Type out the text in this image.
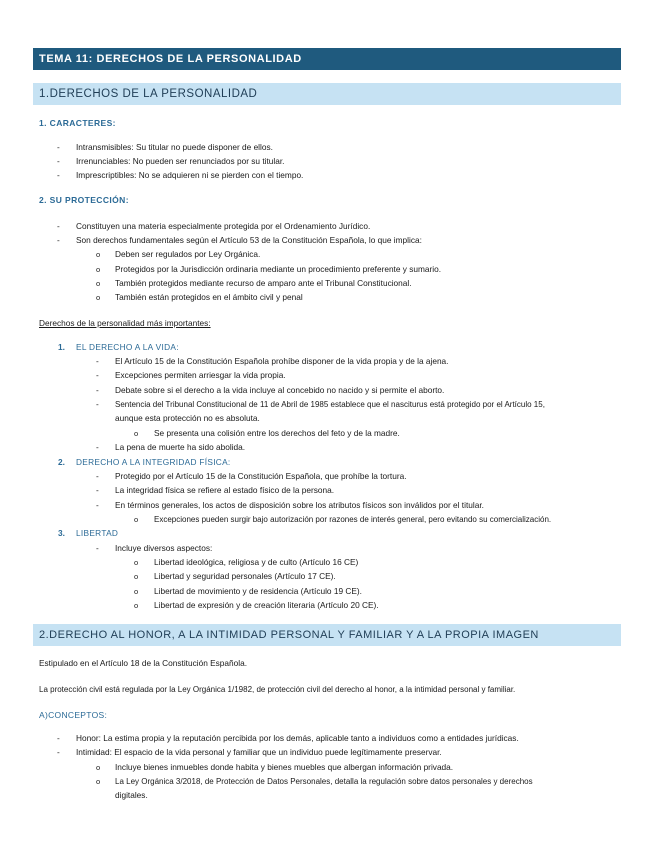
TEMA 11: DERECHOS DE LA PERSONALIDAD
1.DERECHOS DE LA PERSONALIDAD
1. CARACTERES:
- Intransmisibles: Su titular no puede disponer de ellos.
- Irrenunciables: No pueden ser renunciados por su titular.
- Imprescriptibles: No se adquieren ni se pierden con el tiempo.
2. SU PROTECCIÓN:
- Constituyen una materia especialmente protegida por el Ordenamiento Jurídico.
- Son derechos fundamentales según el Artículo 53 de la Constitución Española, lo que implica:
o Deben ser regulados por Ley Orgánica.
o Protegidos por la Jurisdicción ordinaria mediante un procedimiento preferente y sumario.
o También protegidos mediante recurso de amparo ante el Tribunal Constitucional.
o También están protegidos en el ámbito civil y penal
Derechos de la personalidad más importantes:
1. EL DERECHO A LA VIDA:
- El Artículo 15 de la Constitución Española prohíbe disponer de la vida propia y de la ajena.
- Excepciones permiten arriesgar la vida propia.
- Debate sobre si el derecho a la vida incluye al concebido no nacido y si permite el aborto.
- Sentencia del Tribunal Constitucional de 11 de Abril de 1985 establece que el nasciturus está protegido por el Artículo 15,
aunque esta protección no es absoluta.
o Se presenta una colisión entre los derechos del feto y de la madre.
- La pena de muerte ha sido abolida.
2. DERECHO A LA INTEGRIDAD FÍSICA:
- Protegido por el Artículo 15 de la Constitución Española, que prohíbe la tortura.
- La integridad física se refiere al estado físico de la persona.
- En términos generales, los actos de disposición sobre los atributos físicos son inválidos por el titular.
o Excepciones pueden surgir bajo autorización por razones de interés general, pero evitando su comercialización.
3. LIBERTAD
- Incluye diversos aspectos:
o Libertad ideológica, religiosa y de culto (Artículo 16 CE)
o Libertad y seguridad personales (Artículo 17 CE).
o Libertad de movimiento y de residencia (Artículo 19 CE).
o Libertad de expresión y de creación literaria (Artículo 20 CE).
2.DERECHO AL HONOR, A LA INTIMIDAD PERSONAL Y FAMILIAR Y A LA PROPIA IMAGEN
Estipulado en el Artículo 18 de la Constitución Española.
La protección civil está regulada por la Ley Orgánica 1/1982, de protección civil del derecho al honor, a la intimidad personal y familiar.
A)CONCEPTOS:
- Honor: La estima propia y la reputación percibida por los demás, aplicable tanto a individuos como a entidades jurídicas.
- Intimidad: El espacio de la vida personal y familiar que un individuo puede legítimamente preservar.
o Incluye bienes inmuebles donde habita y bienes muebles que albergan información privada.
o La Ley Orgánica 3/2018, de Protección de Datos Personales, detalla la regulación sobre datos personales y derechos
digitales.
